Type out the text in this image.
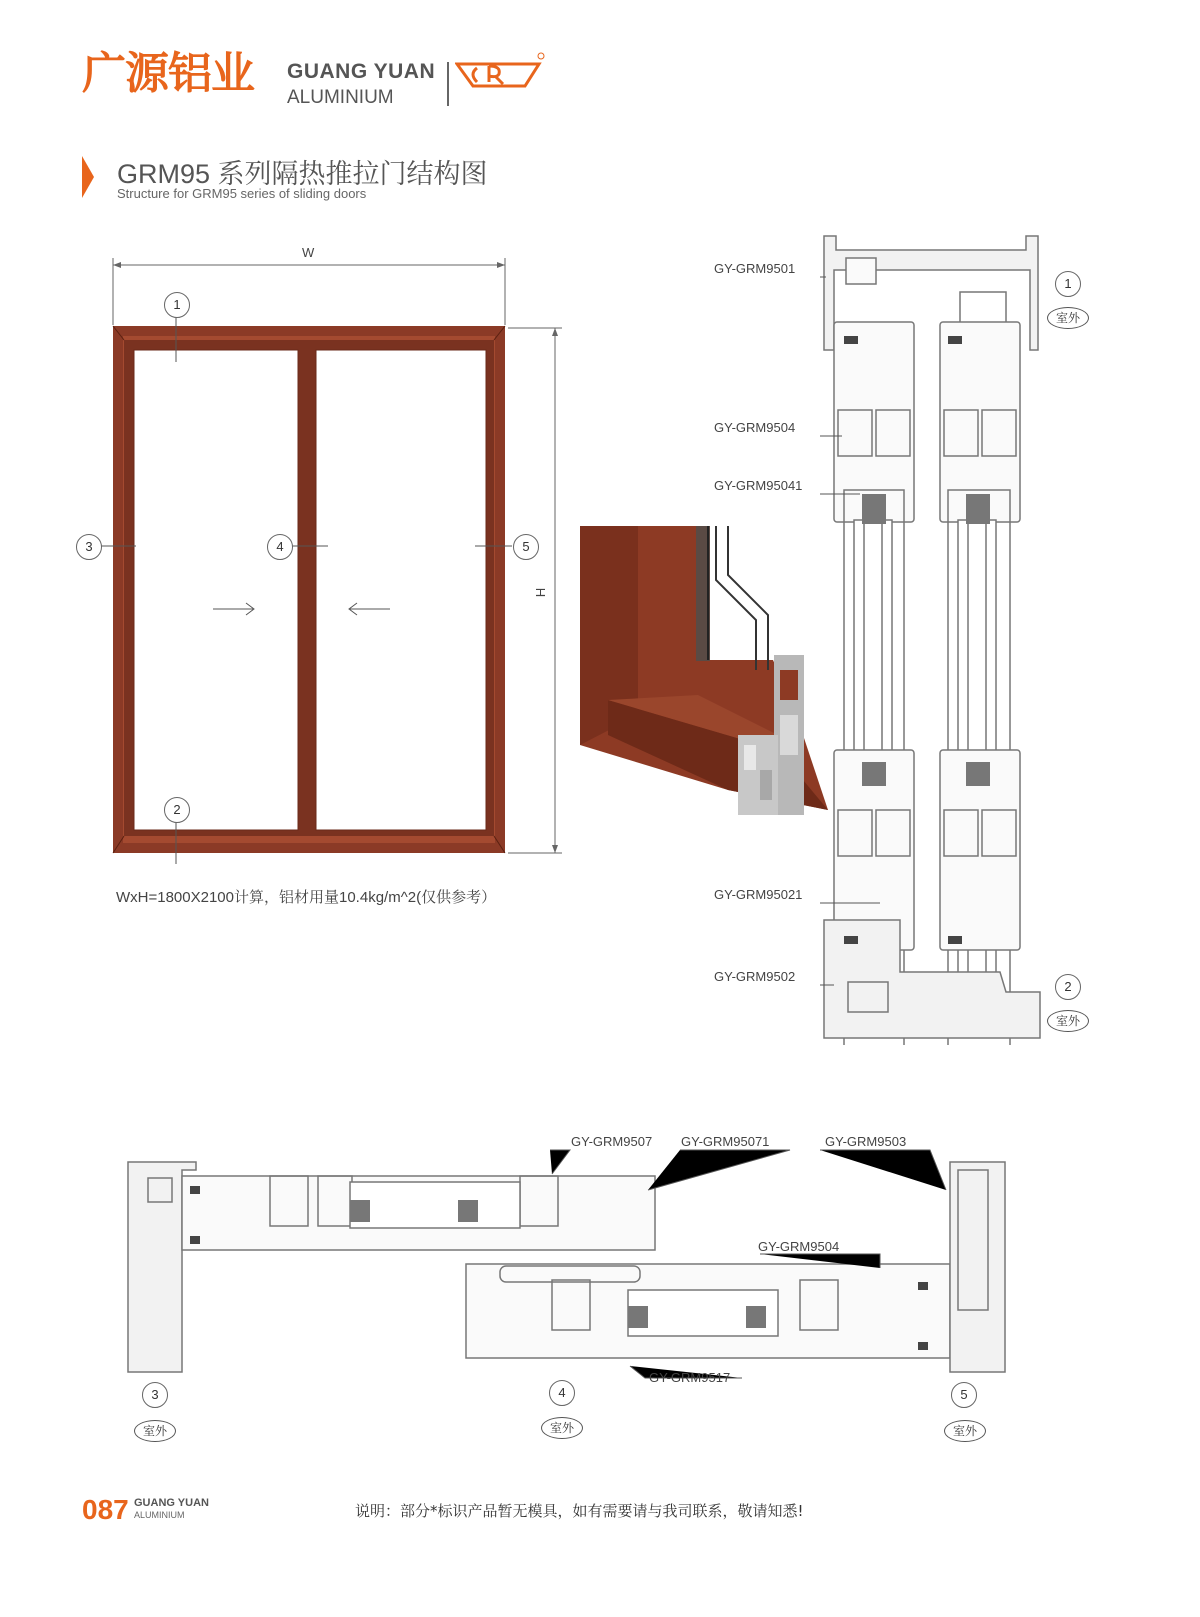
广源铝业 GUANG YUAN
ALUMINIUM
GRM95 系列隔热推拉门结构图
Structure for GRM95 series of sliding doors
W
H
1
2
3	4	5
WxH=1800X2100计算，铝材用量10.4kg/m^2(仅供参考）
GY-GRM9501
GY-GRM9504
GY-GRM95041
GY-GRM95021
GY-GRM9502
1
室外
2
室外
GY-GRM9507 GY-GRM95071	GY-GRM9503
GY-GRM9504
GY-GRM9517
3
室外
4
室外
5
室外
087 GUANG YUAN
ALUMINIUM	说明：部分*标识产品暂无模具，如有需要请与我司联系，敬请知悉!
